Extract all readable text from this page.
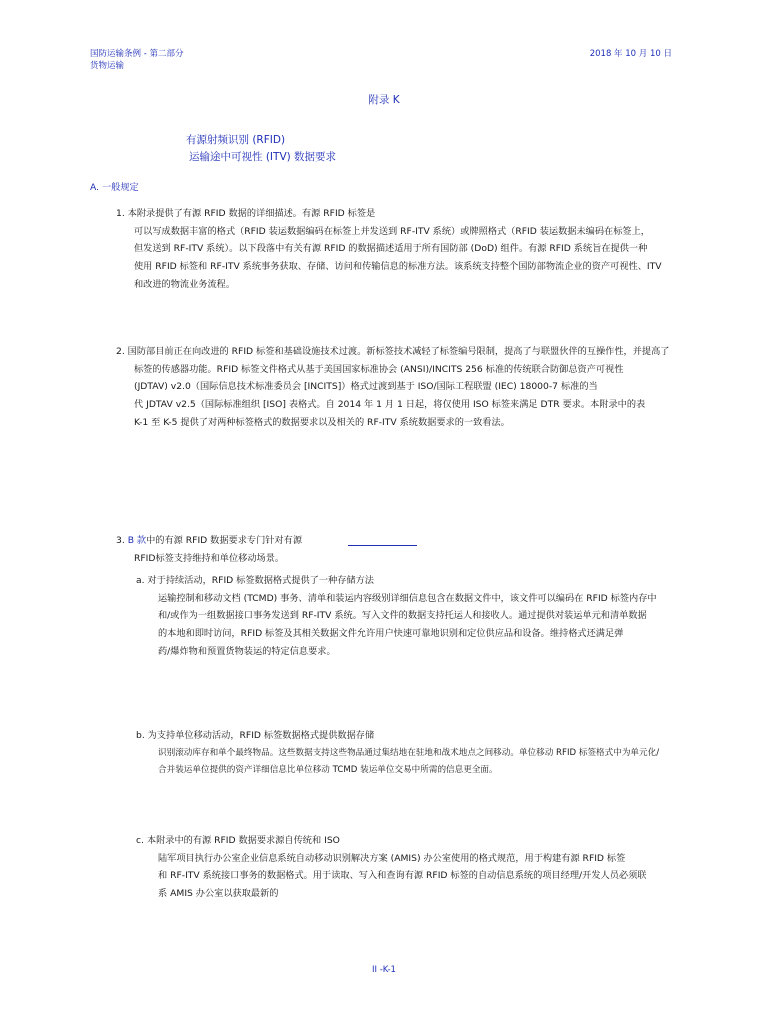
国防运输条例 - 第二部分
货物运输
2018 年 10 月 10 日
附录 K
有源射频识别 (RFID)
运输途中可视性 (ITV) 数据要求
A. 一般规定
1. 本附录提供了有源 RFID 数据的详细描述。有源 RFID 标签是
可以写成数据丰富的格式（RFID 装运数据编码在标签上并发送到 RF-ITV 系统）或牌照格式（RFID 装运数据未编码在标签上，
但发送到 RF-ITV 系统）。以下段落中有关有源 RFID 的数据描述适用于所有国防部 (DoD) 组件。有源 RFID 系统旨在提供一种
使用 RFID 标签和 RF-ITV 系统事务获取、存储、访问和传输信息的标准方法。该系统支持整个国防部物流企业的资产可视性、ITV
和改进的物流业务流程。
2. 国防部目前正在向改进的 RFID 标签和基础设施技术过渡。新标签技术减轻了标签编号限制，提高了与联盟伙伴的互操作性，并提高了
标签的传感器功能。RFID 标签文件格式从基于美国国家标准协会 (ANSI)/INCITS 256 标准的传统联合防御总资产可视性
(JDTAV) v2.0（国际信息技术标准委员会 [INCITS]）格式过渡到基于 ISO/国际工程联盟 (IEC) 18000-7 标准的当
代 JDTAV v2.5（国际标准组织 [ISO] 表格式。自 2014 年 1 月 1 日起，将仅使用 ISO 标签来满足 DTR 要求。本附录中的表
K-1 至 K-5 提供了对两种标签格式的数据要求以及相关的 RF-ITV 系统数据要求的一致看法。
3. B 款中的有源 RFID 数据要求专门针对有源
RFID标签支持维持和单位移动场景。
a. 对于持续活动，RFID 标签数据格式提供了一种存储方法
运输控制和移动文档 (TCMD) 事务、清单和装运内容级别详细信息包含在数据文件中，该文件可以编码在 RFID 标签内存中
和/或作为一组数据接口事务发送到 RF-ITV 系统。写入文件的数据支持托运人和接收人。通过提供对装运单元和清单数据
的本地和即时访问，RFID 标签及其相关数据文件允许用户快速可靠地识别和定位供应品和设备。维持格式还满足弹
药/爆炸物和预置货物装运的特定信息要求。
b. 为支持单位移动活动，RFID 标签数据格式提供数据存储
识别滚动库存和单个最终物品。这些数据支持这些物品通过集结地在驻地和战术地点之间移动。单位移动 RFID 标签格式中为单元化/
合并装运单位提供的资产详细信息比单位移动 TCMD 装运单位交易中所需的信息更全面。
c. 本附录中的有源 RFID 数据要求源自传统和 ISO
陆军项目执行办公室企业信息系统自动移动识别解决方案 (AMIS) 办公室使用的格式规范，用于构建有源 RFID 标签
和 RF-ITV 系统接口事务的数据格式。用于读取、写入和查询有源 RFID 标签的自动信息系统的项目经理/开发人员必须联
系 AMIS 办公室以获取最新的
II -K-1
